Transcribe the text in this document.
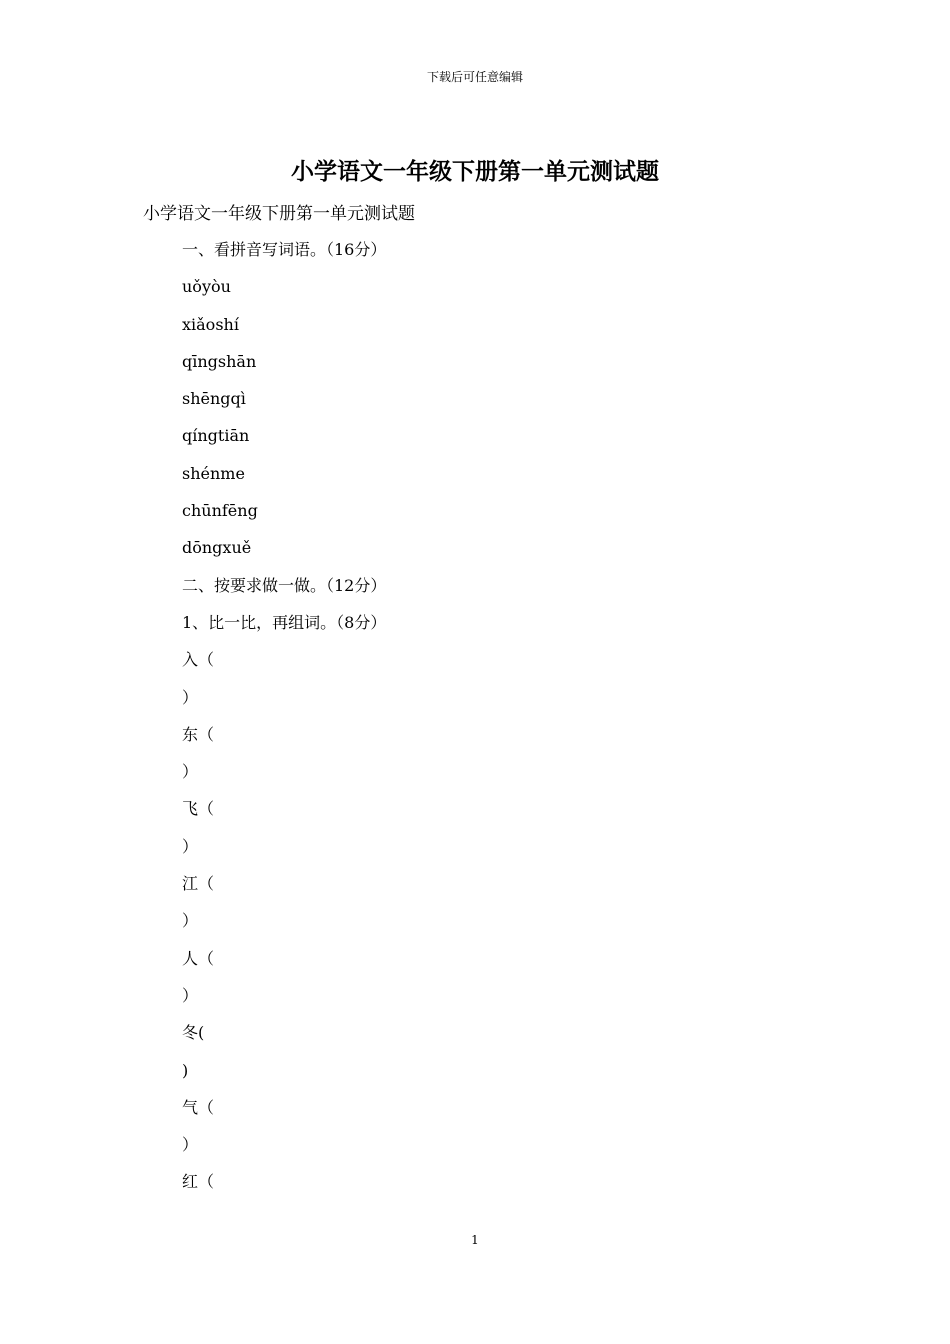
下载后可任意编辑
小学语文一年级下册第一单元测试题
小学语文一年级下册第一单元测试题
一、看拼音写词语。（16分）
uǒyòu
xiǎoshí
qīngshān
shēngqì
qíngtiān
shénme
chūnfēng
dōngxuě
二、按要求做一做。（12分）
1、比一比，再组词。（8分）
入（
）
东（
）
飞（
）
江（
）
人（
）
冬(
)
气（
）
红（
1
